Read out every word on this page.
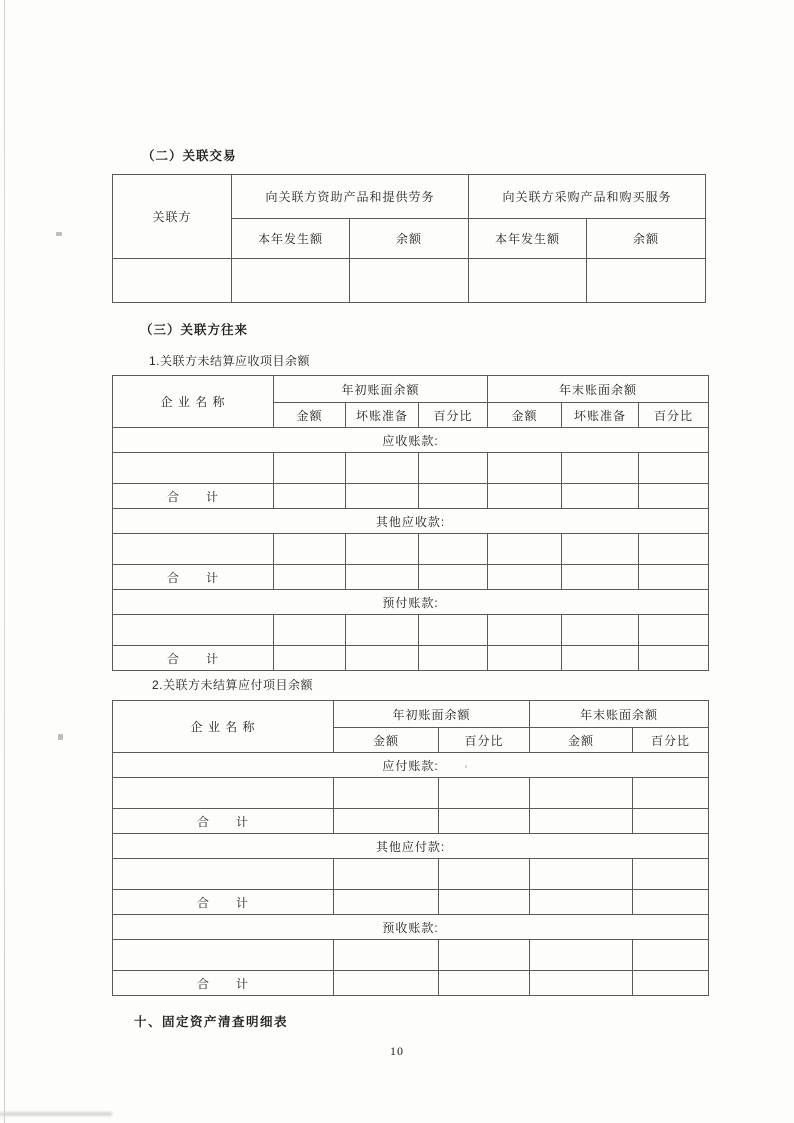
（二）关联交易
关联方	向关联方资助产品和提供劳务		向关联方采购产品和购买服务	
	本年发生额	余额	本年发生额	余额

（三）关联方往来
1.关联方未结算应收项目余额
企 业 名 称	年初账面余额			年末账面余额		
	金额	坏账准备	百分比	金额	坏账准备	百分比
应收账款:						

合　　计						
其他应收款:						

合　　计						
预付账款:						

合　　计						
2.关联方未结算应付项目余额
企 业 名 称	年初账面余额		年末账面余额	
	金额	百分比	金额	百分比
应付账款:				

合　　计				
其他应付款:				

合　　计				
预收账款:				

合　　计				
十、固定资产清查明细表
10
